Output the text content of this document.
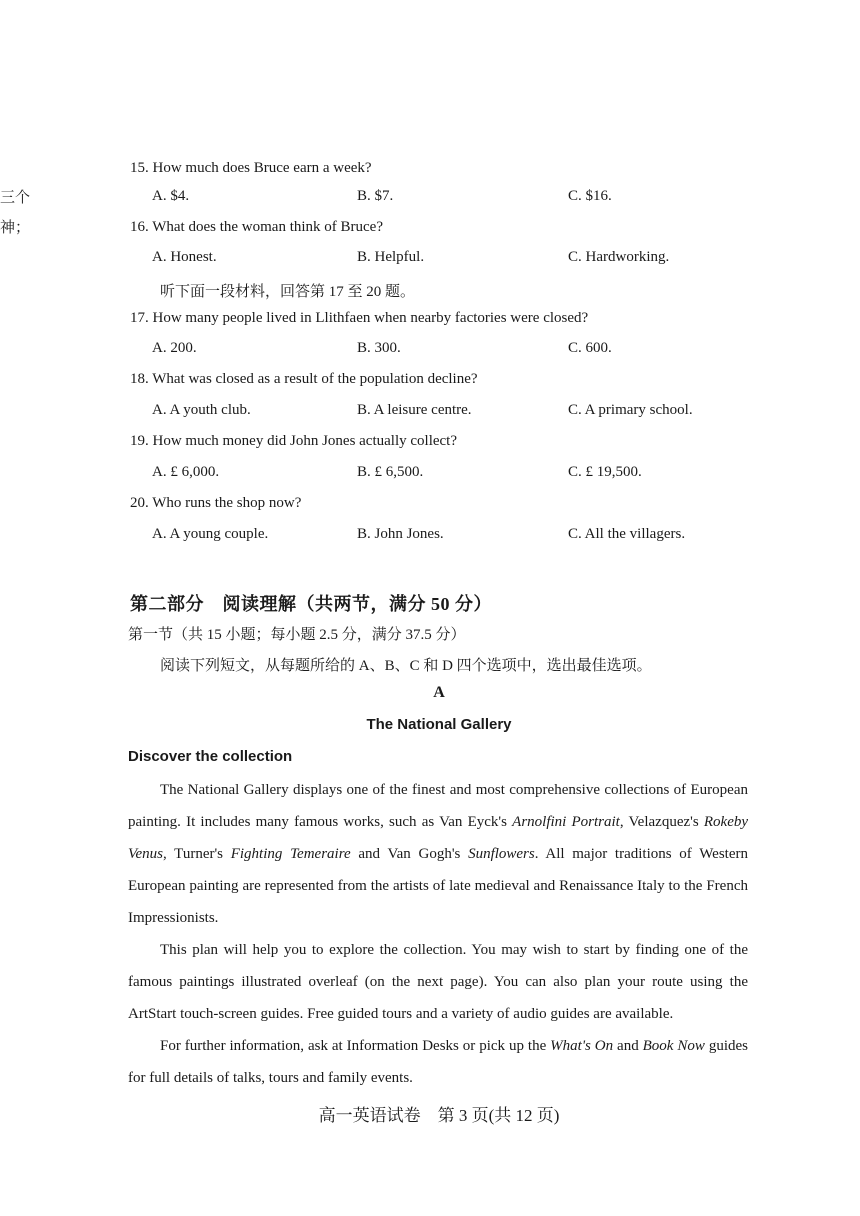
三个
神；
15. How much does Bruce earn a week?
A. $4.	B. $7.	C. $16.
16. What does the woman think of Bruce?
A. Honest.	B. Helpful.	C. Hardworking.
听下面一段材料，回答第 17 至 20 题。
17. How many people lived in Llithfaen when nearby factories were closed?
A. 200.	B. 300.	C. 600.
18. What was closed as a result of the population decline?
A. A youth club.	B. A leisure centre.	C. A primary school.
19. How much money did John Jones actually collect?
A. £ 6,000.	B. £ 6,500.	C. £ 19,500.
20. Who runs the shop now?
A. A young couple.	B. John Jones.	C. All the villagers.
第二部分　阅读理解（共两节，满分 50 分）
第一节（共 15 小题；每小题 2.5 分，满分 37.5 分）
阅读下列短文，从每题所给的 A、B、C 和 D 四个选项中，选出最佳选项。
A
The National Gallery
Discover the collection

The National Gallery displays one of the finest and most comprehensive collections of European painting. It includes many famous works, such as Van Eyck's Arnolfini Portrait, Velazquez's Rokeby Venus, Turner's Fighting Temeraire and Van Gogh's Sunflowers. All major traditions of Western European painting are represented from the artists of late medieval and Renaissance Italy to the French Impressionists.

This plan will help you to explore the collection. You may wish to start by finding one of the famous paintings illustrated overleaf (on the next page). You can also plan your route using the ArtStart touch-screen guides. Free guided tours and a variety of audio guides are available.

For further information, ask at Information Desks or pick up the What's On and Book Now guides for full details of talks, tours and family events.

高一英语试卷　第 3 页(共 12 页)
